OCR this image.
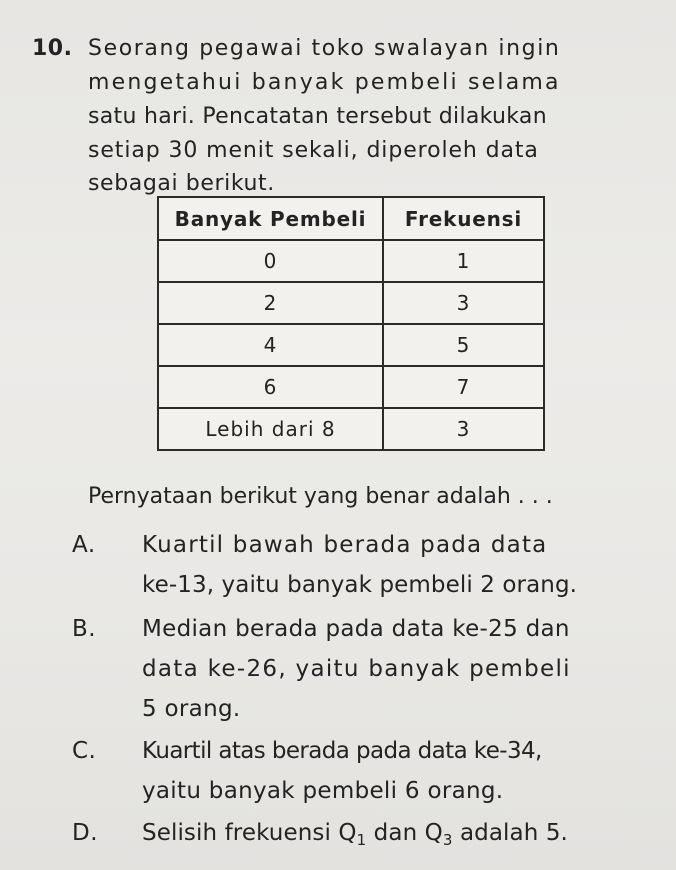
10. Seorang pegawai toko swalayan ingin
mengetahui banyak pembeli selama
satu hari. Pencatatan tersebut dilakukan
setiap 30 menit sekali, diperoleh data
sebagai berikut.
Banyak Pembeli	Frekuensi
0	1
2	3
4	5
6	7
Lebih dari 8	3
Pernyataan berikut yang benar adalah . . .
A. Kuartil bawah berada pada data
ke-13, yaitu banyak pembeli 2 orang.
B. Median berada pada data ke-25 dan
data ke-26, yaitu banyak pembeli
5 orang.
C. Kuartil atas berada pada data ke-34,
yaitu banyak pembeli 6 orang.
D. Selisih frekuensi $Q_1$ dan $Q_3$ adalah 5.
